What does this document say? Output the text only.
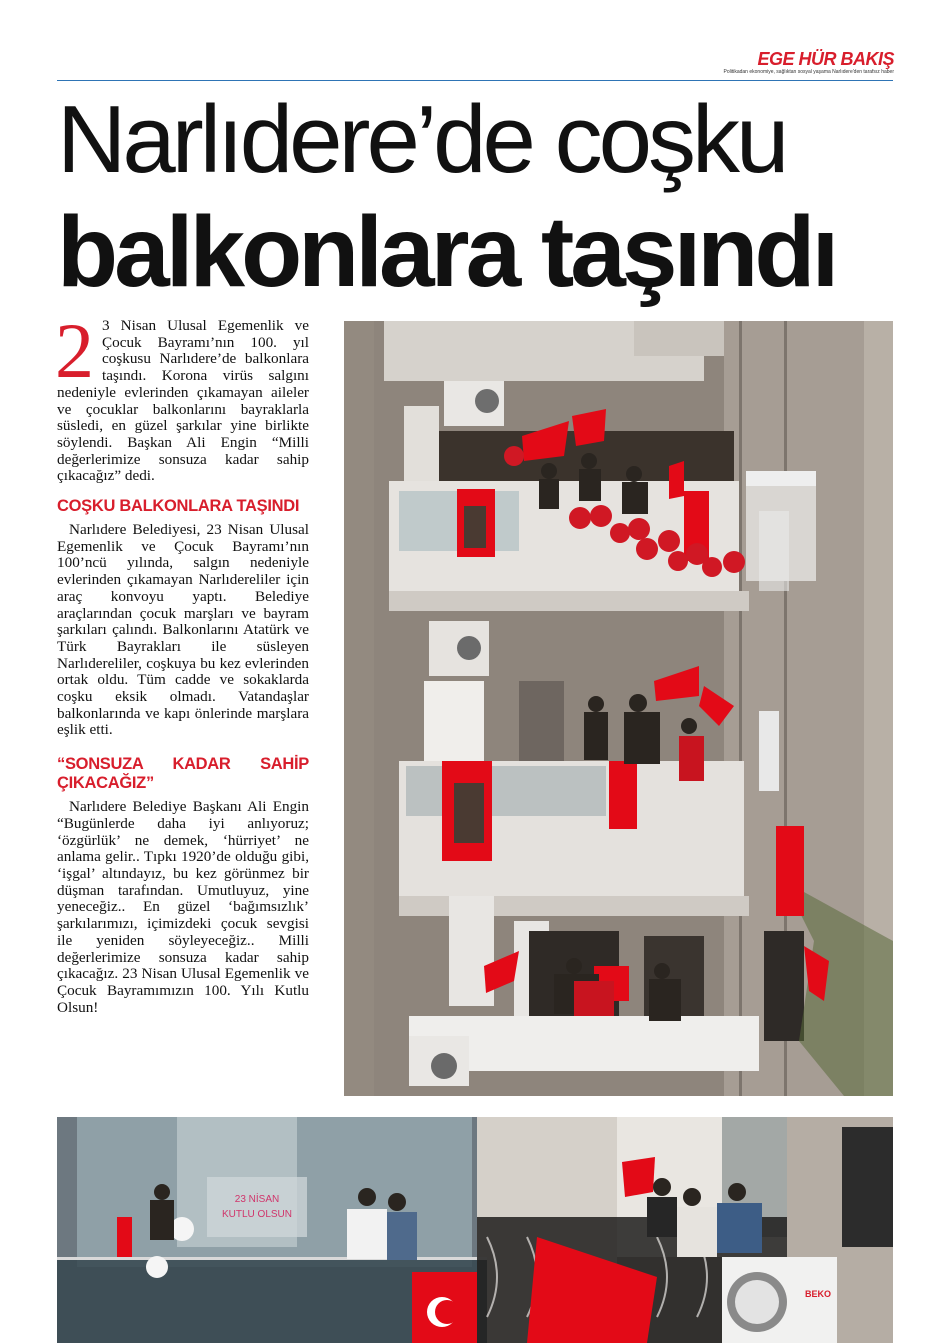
EGE HÜR BAKIŞ
Politikadan ekonomiye, sağlıktan sosyal yaşama Narlıdere'den tarafsız haber
Narlıdere’de coşku
balkonlara taşındı

2 3 Nisan Ulusal Egemenlik ve Çocuk Bayramı’nın 100. yıl coşkusu Narlıdere’de balkonlara taşındı. Korona virüs salgını nedeniyle evlerinden çıkamayan aileler ve çocuklar balkonlarını bayraklarla süsledi, en güzel şarkılar yine birlikte söylendi. Başkan Ali Engin “Milli değerlerimize sonsuza kadar sahip çıkacağız” dedi.

COŞKU BALKONLARA TAŞINDI

Narlıdere Belediyesi, 23 Nisan Ulusal Egemenlik ve Çocuk Bayramı’nın 100’ncü yılında, salgın nedeniyle evlerinden çıkamayan Narlıdereliler için araç konvoyu yaptı. Belediye araçlarından çocuk marşları ve bayram şarkıları çalındı. Balkonlarını Atatürk ve Türk Bayrakları ile süsleyen Narlıdereliler, coşkuya bu kez evlerinden ortak oldu. Tüm cadde ve sokaklarda coşku eksik olmadı. Vatandaşlar balkonlarında ve kapı önlerinde marşlara eşlik etti.

“SONSUZA KADAR SAHİP ÇIKACAĞIZ”

Narlıdere Belediye Başkanı Ali Engin “Bugünlerde daha iyi anlıyoruz; ‘özgürlük’ ne demek, ‘hürriyet’ ne anlama gelir.. Tıpkı 1920’de olduğu gibi, ‘işgal’ altındayız, bu kez görünmez bir düşman tarafından. Umutluyuz, yine yeneceğiz.. En güzel ‘bağımsızlık’ şarkılarımızı, içimizdeki çocuk sevgisi ile yeniden söyleyeceğiz.. Milli değerlerimize sonsuza kadar sahip çıkacağız. 23 Nisan Ulusal Egemenlik ve Çocuk Bayramımızın 100. Yılı Kutlu Olsun!

BEKO
23 NİSAN
KUTLU OLSUN
